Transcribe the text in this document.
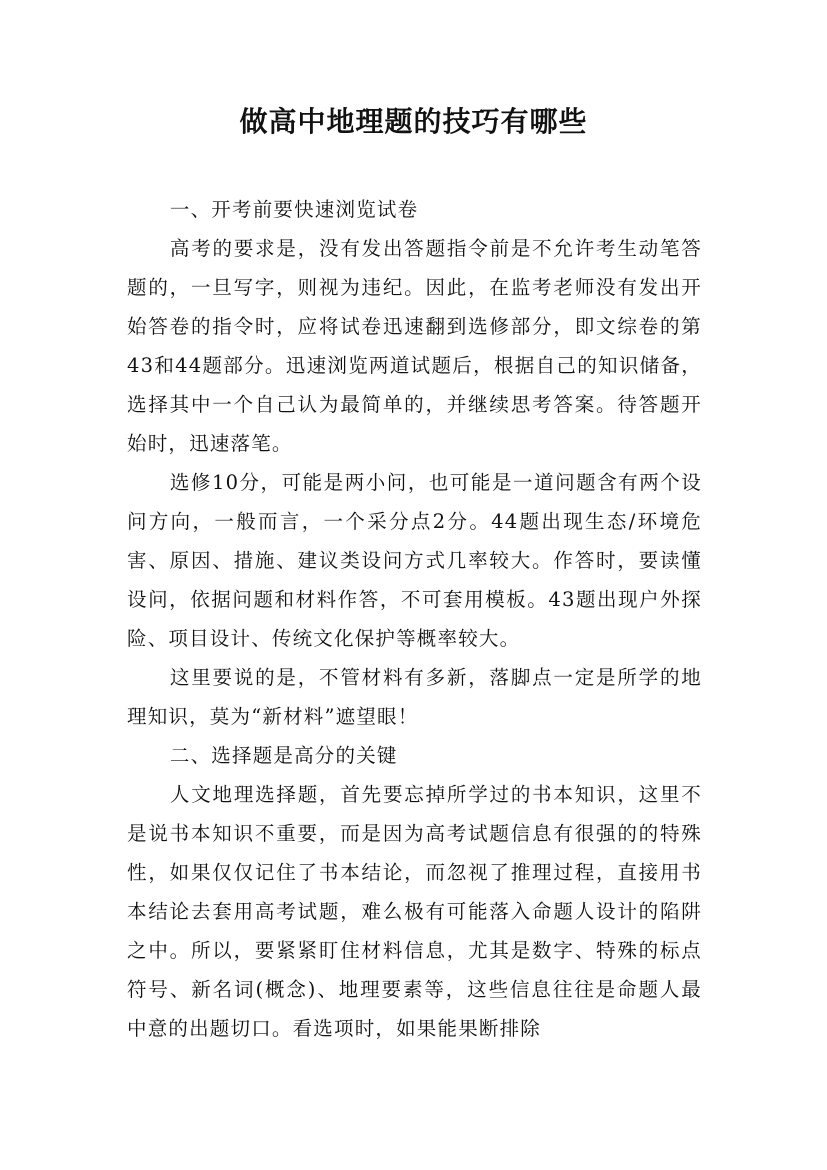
做高中地理题的技巧有哪些

一、开考前要快速浏览试卷

高考的要求是，没有发出答题指令前是不允许考生动笔答题的，一旦写字，则视为违纪。因此，在监考老师没有发出开始答卷的指令时，应将试卷迅速翻到选修部分，即文综卷的第43和44题部分。迅速浏览两道试题后，根据自己的知识储备，选择其中一个自己认为最简单的，并继续思考答案。待答题开始时，迅速落笔。

选修10分，可能是两小问，也可能是一道问题含有两个设问方向，一般而言，一个采分点2分。44题出现生态/环境危害、原因、措施、建议类设问方式几率较大。作答时，要读懂设问，依据问题和材料作答，不可套用模板。43题出现户外探险、项目设计、传统文化保护等概率较大。

这里要说的是，不管材料有多新，落脚点一定是所学的地理知识，莫为“新材料”遮望眼！

二、选择题是高分的关键

人文地理选择题，首先要忘掉所学过的书本知识，这里不是说书本知识不重要，而是因为高考试题信息有很强的的特殊性，如果仅仅记住了书本结论，而忽视了推理过程，直接用书本结论去套用高考试题，难么极有可能落入命题人设计的陷阱之中。所以，要紧紧盯住材料信息，尤其是数字、特殊的标点符号、新名词(概念)、地理要素等，这些信息往往是命题人最中意的出题切口。看选项时，如果能果断排除
